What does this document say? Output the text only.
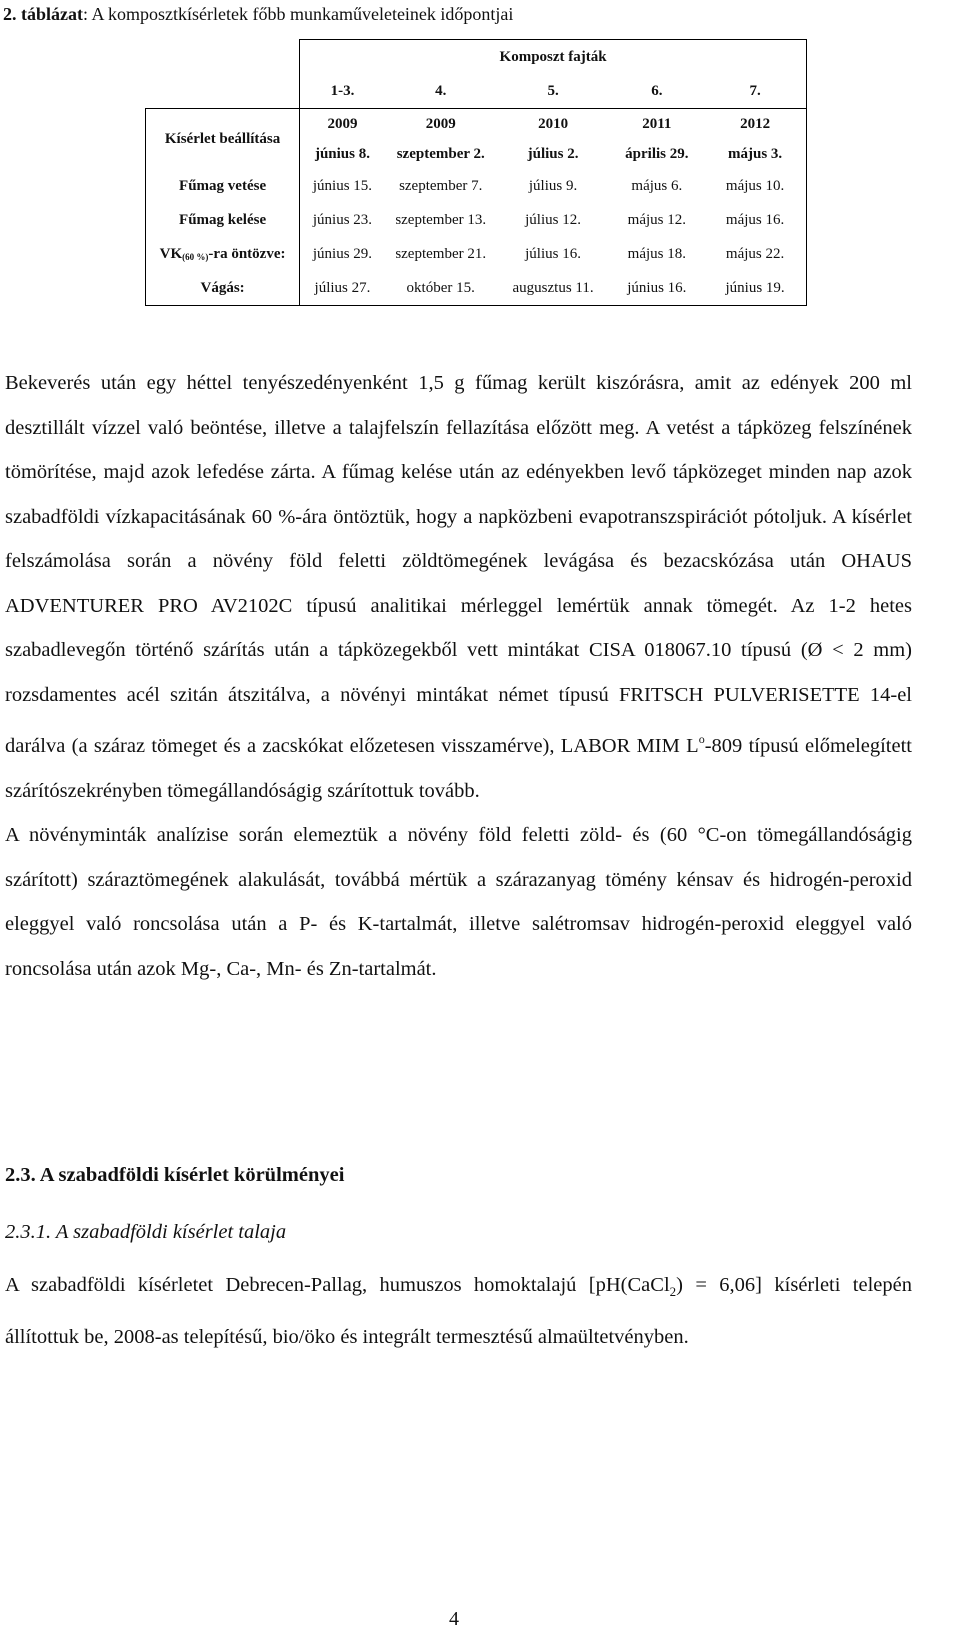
2. táblázat: A komposztkísérletek főbb munkaműveleteinek időpontjai
	Komposzt fajták				
	1-3.	4.	5.	6.	7.
Kísérlet beállítása	2009	2009	2010	2011	2012
	június 8.	szeptember 2.	július 2.	április 29.	május 3.
Fűmag vetése	június 15.	szeptember 7.	július 9.	május 6.	május 10.
Fűmag kelése	június 23.	szeptember 13.	július 12.	május 12.	május 16.
VK(60 %)-ra öntözve:	június 29.	szeptember 21.	július 16.	május 18.	május 22.
Vágás:	július 27.	október 15.	augusztus 11.	június 16.	június 19.

Bekeverés után egy héttel tenyészedényenként 1,5 g fűmag került kiszórásra, amit az edények 200 ml desztillált vízzel való beöntése, illetve a talajfelszín fellazítása előzött meg. A vetést a tápközeg felszínének tömörítése, majd azok lefedése zárta. A fűmag kelése után az edényekben levő tápközeget minden nap azok szabadföldi vízkapacitásának 60 %-ára öntöztük, hogy a napközbeni evapotranszspirációt pótoljuk. A kísérlet felszámolása során a növény föld feletti zöldtömegének levágása és bezacskózása után OHAUS ADVENTURER PRO AV2102C típusú analitikai mérleggel lemértük annak tömegét. Az 1-2 hetes szabadlevegőn történő szárítás után a tápközegekből vett mintákat CISA 018067.10 típusú (Ø < 2 mm) rozsdamentes acél szitán átszitálva, a növényi mintákat német típusú FRITSCH PULVERISETTE 14-el darálva (a száraz tömeget és a zacskókat előzetesen visszamérve), LABOR MIM $L^o-809$ típusú előmelegített szárítószekrényben tömegállandóságig szárítottuk tovább.

A növényminták analízise során elemeztük a növény föld feletti zöld- és (60 °C-on tömegállandóságig szárított) száraztömegének alakulását, továbbá mértük a szárazanyag tömény kénsav és hidrogén-peroxid eleggyel való roncsolása után a P- és K-tartalmát, illetve salétromsav hidrogén-peroxid eleggyel való roncsolása után azok Mg-, Ca-, Mn- és Zn-tartalmát.

2.3. A szabadföldi kísérlet körülményei
2.3.1. A szabadföldi kísérlet talaja
A szabadföldi kísérletet Debrecen-Pallag, humuszos homoktalajú [pH(CaCl$_2$) = 6,06] kísérleti telepén állítottuk be, 2008-as telepítésű, bio/öko és integrált termesztésű almaültetvényben.
4
